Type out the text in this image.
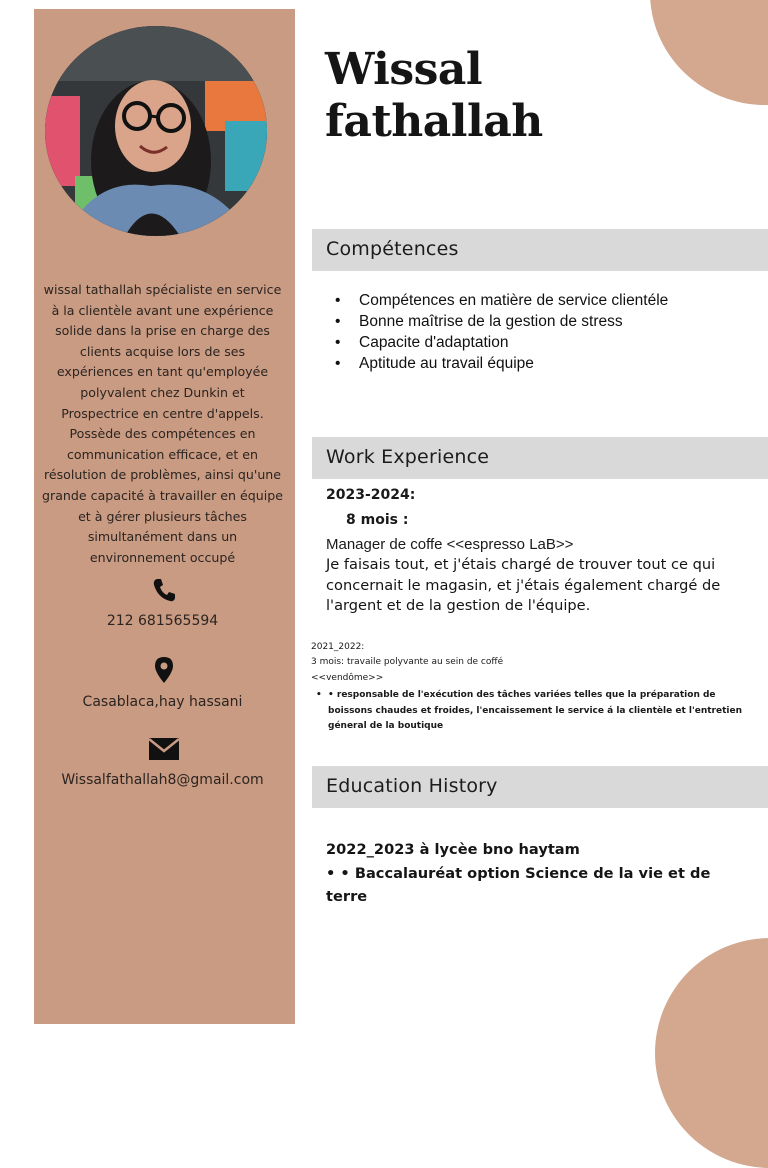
wissal tathallah spécialiste en service à la clientèle avant une expérience solide dans la prise en charge des clients acquise lors de ses expériences en tant qu'employée polyvalent chez Dunkin et Prospectrice en centre d'appels. Possède des compétences en communication efficace, et en résolution de problèmes, ainsi qu'une grande capacité à travailler en équipe et à gérer plusieurs tâches simultanément dans un environnement occupé
212 681565594
Casablaca,hay hassani
Wissalfathallah8@gmail.com
Wissal
fathallah
Compétences
• Compétences en matière de service clientéle
• Bonne maîtrise de la gestion de stress
• Capacite d'adaptation
• Aptitude au travail équipe
Work Experience
2023-2024:
8 mois :
Manager de coffe <<espresso LaB>>
Je faisais tout, et j'étais chargé de trouver tout ce qui concernait le magasin, et j'étais également chargé de l'argent et de la gestion de l'équipe.
2021_2022:
3 mois: travaile polyvante au sein de coffé
<<vendôme>>
• • responsable de l'exécution des tâches variées telles que la préparation de boissons chaudes et froides, l'encaissement le service á la clientèle et l'entretien géneral de la boutique
Education History
2022_2023 à lycèe bno haytam
• • Baccalauréat option Science de la vie et de
terre
